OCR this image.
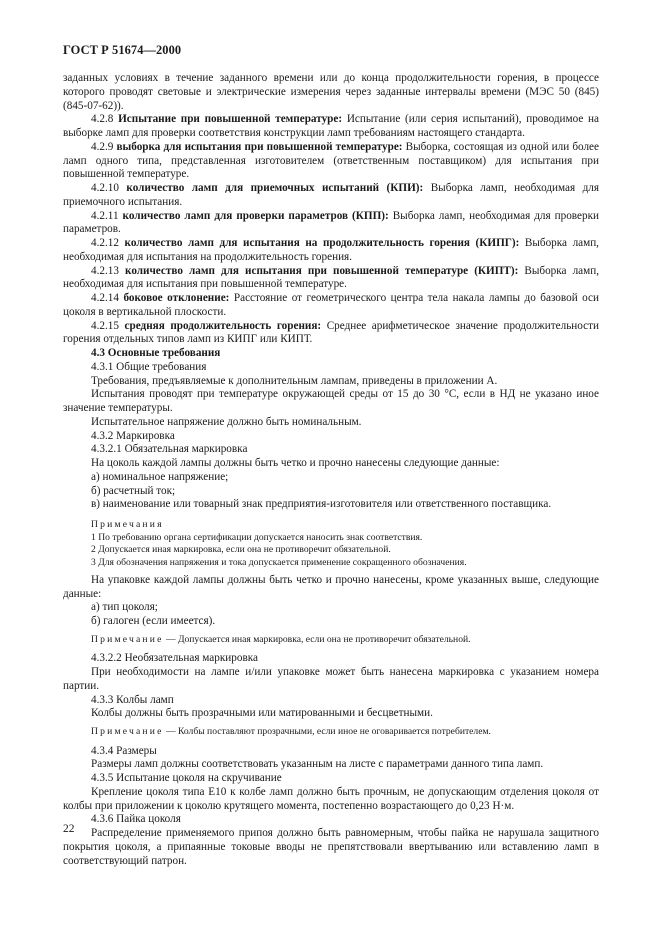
ГОСТ Р 51674—2000

заданных условиях в течение заданного времени или до конца продолжительности горения, в процессе которого проводят световые и электрические измерения через заданные интервалы времени (МЭС 50 (845) (845-07-62)).

4.2.8 Испытание при повышенной температуре: Испытание (или серия испытаний), проводимое на выборке ламп для проверки соответствия конструкции ламп требованиям настоящего стандарта.

4.2.9 выборка для испытания при повышенной температуре: Выборка, состоящая из одной или более ламп одного типа, представленная изготовителем (ответственным поставщиком) для испытания при повышенной температуре.

4.2.10 количество ламп для приемочных испытаний (КПИ): Выборка ламп, необходимая для приемочного испытания.

4.2.11 количество ламп для проверки параметров (КПП): Выборка ламп, необходимая для проверки параметров.

4.2.12 количество ламп для испытания на продолжительность горения (КИПГ): Выборка ламп, необходимая для испытания на продолжительность горения.

4.2.13 количество ламп для испытания при повышенной температуре (КИПТ): Выборка ламп, необходимая для испытания при повышенной температуре.

4.2.14 боковое отклонение: Расстояние от геометрического центра тела накала лампы до базовой оси цоколя в вертикальной плоскости.

4.2.15 средняя продолжительность горения: Среднее арифметическое значение продолжительности горения отдельных типов ламп из КИПГ или КИПТ.

4.3 Основные требования

4.3.1 Общие требования

Требования, предъявляемые к дополнительным лампам, приведены в приложении А.

Испытания проводят при температуре окружающей среды от 15 до 30 °С, если в НД не указано иное значение температуры.

Испытательное напряжение должно быть номинальным.

4.3.2 Маркировка

4.3.2.1 Обязательная маркировка

На цоколь каждой лампы должны быть четко и прочно нанесены следующие данные:

а) номинальное напряжение;

б) расчетный ток;

в) наименование или товарный знак предприятия-изготовителя или ответственного поставщика.

Примечания

1 По требованию органа сертификации допускается наносить знак соответствия.

2 Допускается иная маркировка, если она не противоречит обязательной.

3 Для обозначения напряжения и тока допускается применение сокращенного обозначения.

На упаковке каждой лампы должны быть четко и прочно нанесены, кроме указанных выше, следующие данные:

а) тип цоколя;

б) галоген (если имеется).

Примечание — Допускается иная маркировка, если она не противоречит обязательной.

4.3.2.2 Необязательная маркировка

При необходимости на лампе и/или упаковке может быть нанесена маркировка с указанием номера партии.

4.3.3 Колбы ламп

Колбы должны быть прозрачными или матированными и бесцветными.

Примечание — Колбы поставляют прозрачными, если иное не оговаривается потребителем.

4.3.4 Размеры

Размеры ламп должны соответствовать указанным на листе с параметрами данного типа ламп.

4.3.5 Испытание цоколя на скручивание

Крепление цоколя типа Е10 к колбе ламп должно быть прочным, не допускающим отделения цоколя от колбы при приложении к цоколю крутящего момента, постепенно возрастающего до 0,23 Н·м.

4.3.6 Пайка цоколя

Распределение применяемого припоя должно быть равномерным, чтобы пайка не нарушала защитного покрытия цоколя, а припаянные токовые вводы не препятствовали ввертыванию или вставлению ламп в соответствующий патрон.

22
